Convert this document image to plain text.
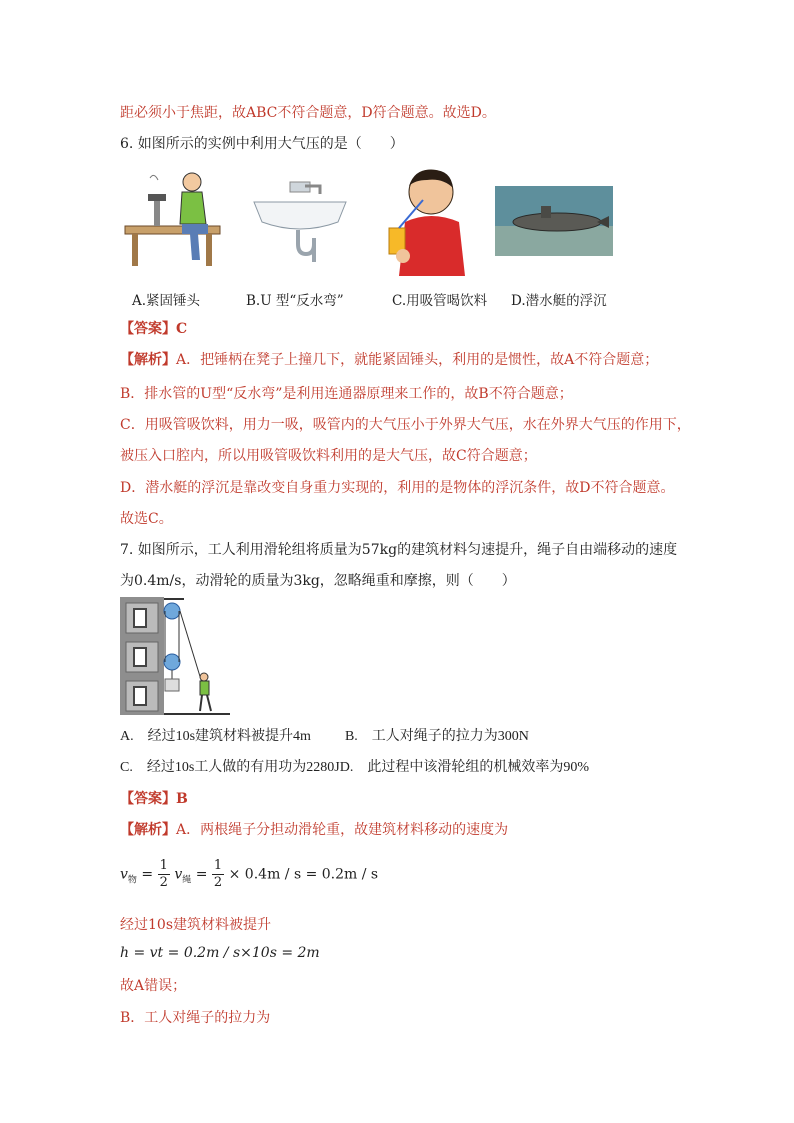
距必须小于焦距，故ABC不符合题意，D符合题意。故选D。
6. 如图所示的实例中利用大气压的是（　　）
A.紧固锤头	B.U 型“反水弯”	C.用吸管喝饮料 D.潜水艇的浮沉
【答案】C
【解析】A．把锤柄在凳子上撞几下，就能紧固锤头，利用的是惯性，故A不符合题意；
B．排水管的U型“反水弯”是利用连通器原理来工作的，故B不符合题意；
C．用吸管吸饮料，用力一吸，吸管内的大气压小于外界大气压，水在外界大气压的作用下，
被压入口腔内，所以用吸管吸饮料利用的是大气压，故C符合题意；
D．潜水艇的浮沉是靠改变自身重力实现的，利用的是物体的浮沉条件，故D不符合题意。
故选C。
7. 如图所示，工人利用滑轮组将质量为57kg的建筑材料匀速提升，绳子自由端移动的速度
为0.4m/s，动滑轮的质量为3kg，忽略绳重和摩擦，则（　　）
A.　经过10s建筑材料被提升4m B.　工人对绳子的拉力为300N
C.　经过10s工人做的有用功为2280JD.　此过程中该滑轮组的机械效率为90%
【答案】B
【解析】A．两根绳子分担动滑轮重，故建筑材料移动的速度为
$v_物 = \frac{1}{2} v_绳 = \frac{1}{2} \times 0.4m / s = 0.2m / s$
经过10s建筑材料被提升
h = vt = 0.2m / s×10s = 2m
故A错误；
B．工人对绳子的拉力为
